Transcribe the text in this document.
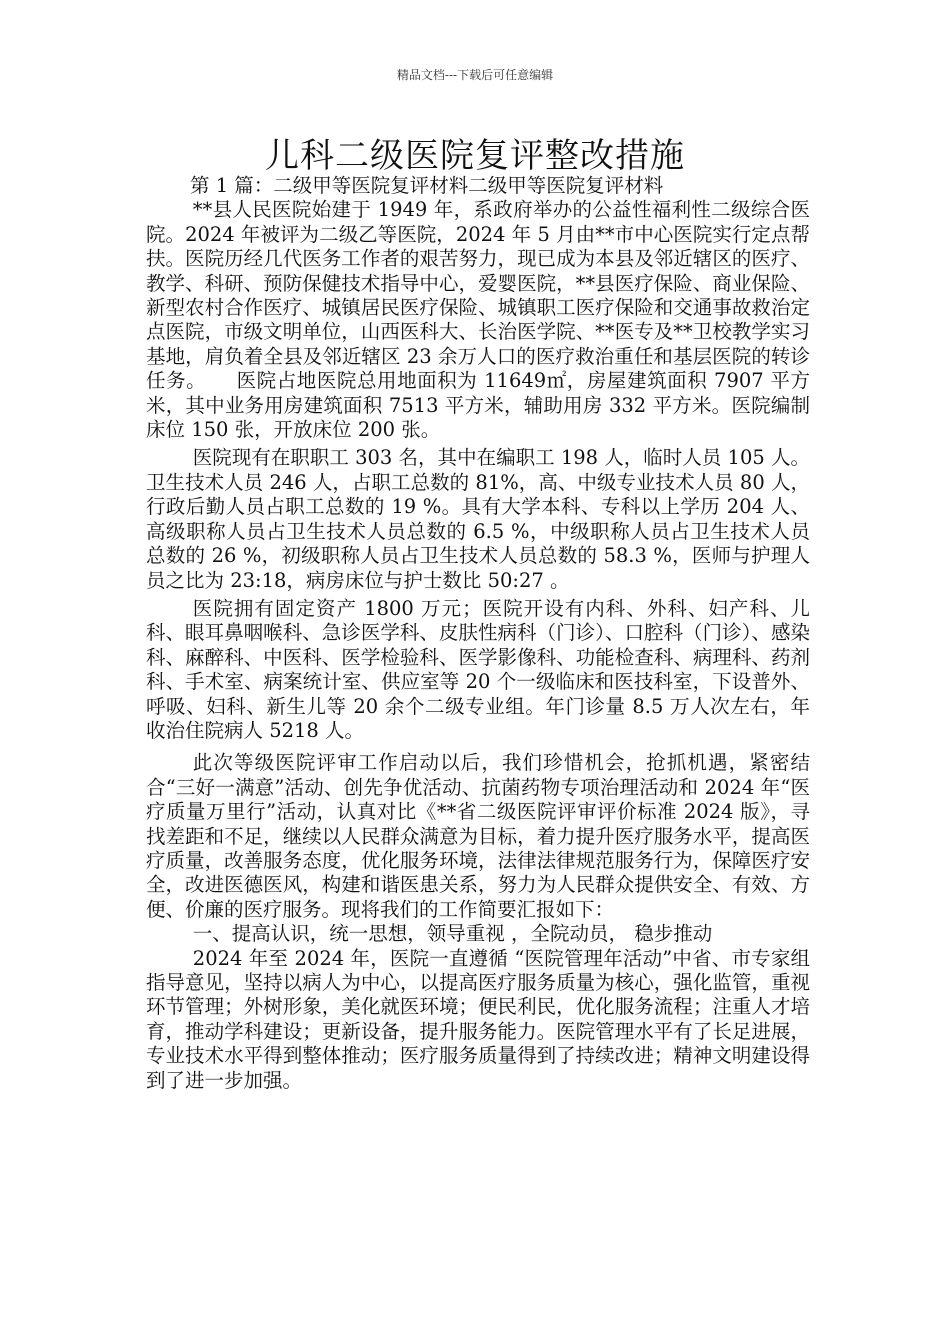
精品文档---下载后可任意编辑
儿科二级医院复评整改措施

第 1 篇：二级甲等医院复评材料二级甲等医院复评材料

**县人民医院始建于 1949 年，系政府举办的公益性福利性二级综合医院。2024 年被评为二级乙等医院，2024 年 5 月由**市中心医院实行定点帮扶。医院历经几代医务工作者的艰苦努力，现已成为本县及邻近辖区的医疗、教学、科研、预防保健技术指导中心，爱婴医院，**县医疗保险、商业保险、新型农村合作医疗、城镇居民医疗保险、城镇职工医疗保险和交通事故救治定点医院，市级文明单位，山西医科大、长治医学院、**医专及**卫校教学实习基地，肩负着全县及邻近辖区 23 余万人口的医疗救治重任和基层医院的转诊任务。　　医院占地医院总用地面积为 11649㎡，房屋建筑面积 7907 平方米，其中业务用房建筑面积 7513 平方米，辅助用房 332 平方米。医院编制床位 150 张，开放床位 200 张。

医院现有在职职工 303 名，其中在编职工 198 人，临时人员 105 人。卫生技术人员 246 人，占职工总数的 81%，高、中级专业技术人员 80 人，行政后勤人员占职工总数的 19 %。具有大学本科、专科以上学历 204 人、高级职称人员占卫生技术人员总数的 6.5 %，中级职称人员占卫生技术人员总数的 26 %，初级职称人员占卫生技术人员总数的 58.3 %，医师与护理人员之比为 23:18，病房床位与护士数比 50:27 。

医院拥有固定资产 1800 万元；医院开设有内科、外科、妇产科、儿科、眼耳鼻咽喉科、急诊医学科、皮肤性病科（门诊）、口腔科（门诊）、感染科、麻醉科、中医科、医学检验科、医学影像科、功能检查科、病理科、药剂科、手术室、病案统计室、供应室等 20 个一级临床和医技科室，下设普外、呼吸、妇科、新生儿等 20 余个二级专业组。年门诊量 8.5 万人次左右，年收治住院病人 5218 人。

此次等级医院评审工作启动以后，我们珍惜机会，抢抓机遇，紧密结合“三好一满意”活动、创先争优活动、抗菌药物专项治理活动和 2024 年“医疗质量万里行”活动，认真对比《**省二级医院评审评价标准 2024 版》，寻找差距和不足，继续以人民群众满意为目标，着力提升医疗服务水平，提高医疗质量，改善服务态度，优化服务环境，法律法律规范服务行为，保障医疗安全，改进医德医风，构建和谐医患关系，努力为人民群众提供安全、有效、方便、价廉的医疗服务。现将我们的工作简要汇报如下：

一、提高认识，统一思想，领导重视 ，全院动员， 稳步推动

2024 年至 2024 年，医院一直遵循 “医院管理年活动”中省、市专家组指导意见，坚持以病人为中心，以提高医疗服务质量为核心，强化监管，重视环节管理；外树形象，美化就医环境；便民利民，优化服务流程；注重人才培育，推动学科建设；更新设备，提升服务能力。医院管理水平有了长足进展，专业技术水平得到整体推动；医疗服务质量得到了持续改进；精神文明建设得到了进一步加强。
